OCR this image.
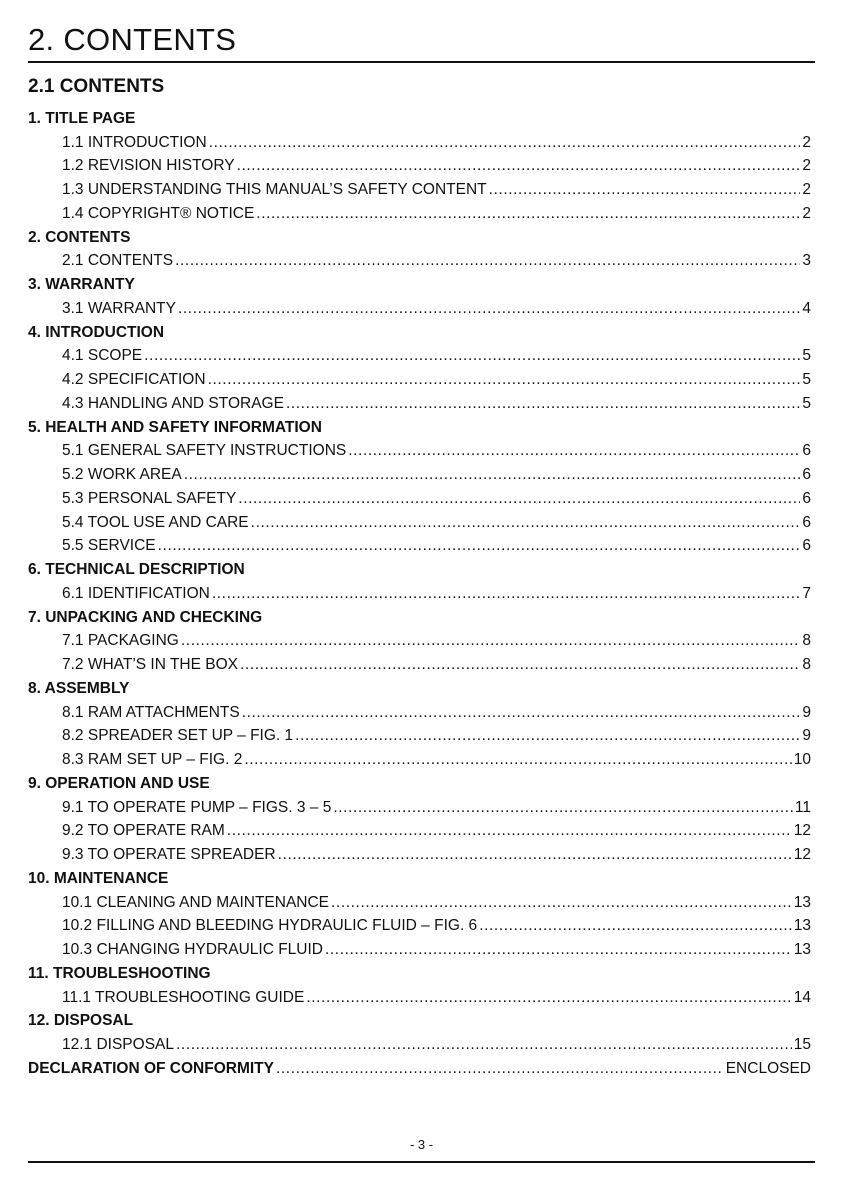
2. CONTENTS
2.1 CONTENTS
1. TITLE PAGE
1.1 INTRODUCTION .....	2
1.2 REVISION HISTORY .....	2
1.3 UNDERSTANDING THIS MANUAL’S SAFETY CONTENT .....	2
1.4 COPYRIGHT® NOTICE .....	2
2. CONTENTS
2.1 CONTENTS .....	3
3. WARRANTY
3.1 WARRANTY .....	4
4. INTRODUCTION
4.1 SCOPE .....	5
4.2 SPECIFICATION .....	5
4.3 HANDLING AND STORAGE .....	5
5. HEALTH AND SAFETY INFORMATION
5.1 GENERAL SAFETY INSTRUCTIONS .....	6
5.2 WORK AREA .....	6
5.3 PERSONAL SAFETY .....	6
5.4 TOOL USE AND CARE .....	6
5.5 SERVICE .....	6
6. TECHNICAL DESCRIPTION
6.1 IDENTIFICATION .....	7
7. UNPACKING AND CHECKING
7.1 PACKAGING .....	8
7.2 WHAT’S IN THE BOX .....	8
8. ASSEMBLY
8.1 RAM ATTACHMENTS .....	9
8.2 SPREADER SET UP – FIG. 1 .....	9
8.3 RAM SET UP – FIG. 2 .....	10
9. OPERATION AND USE
9.1 TO OPERATE PUMP – FIGS. 3 – 5 .....	11
9.2 TO OPERATE RAM .....	12
9.3 TO OPERATE SPREADER .....	12
10. MAINTENANCE
10.1 CLEANING AND MAINTENANCE .....	13
10.2 FILLING AND BLEEDING HYDRAULIC FLUID – FIG. 6 .....	13
10.3 CHANGING HYDRAULIC FLUID .....	13
11. TROUBLESHOOTING
11.1 TROUBLESHOOTING GUIDE .....	14
12. DISPOSAL
12.1 DISPOSAL .....	15
DECLARATION OF CONFORMITY .....	ENCLOSED
- 3 -
